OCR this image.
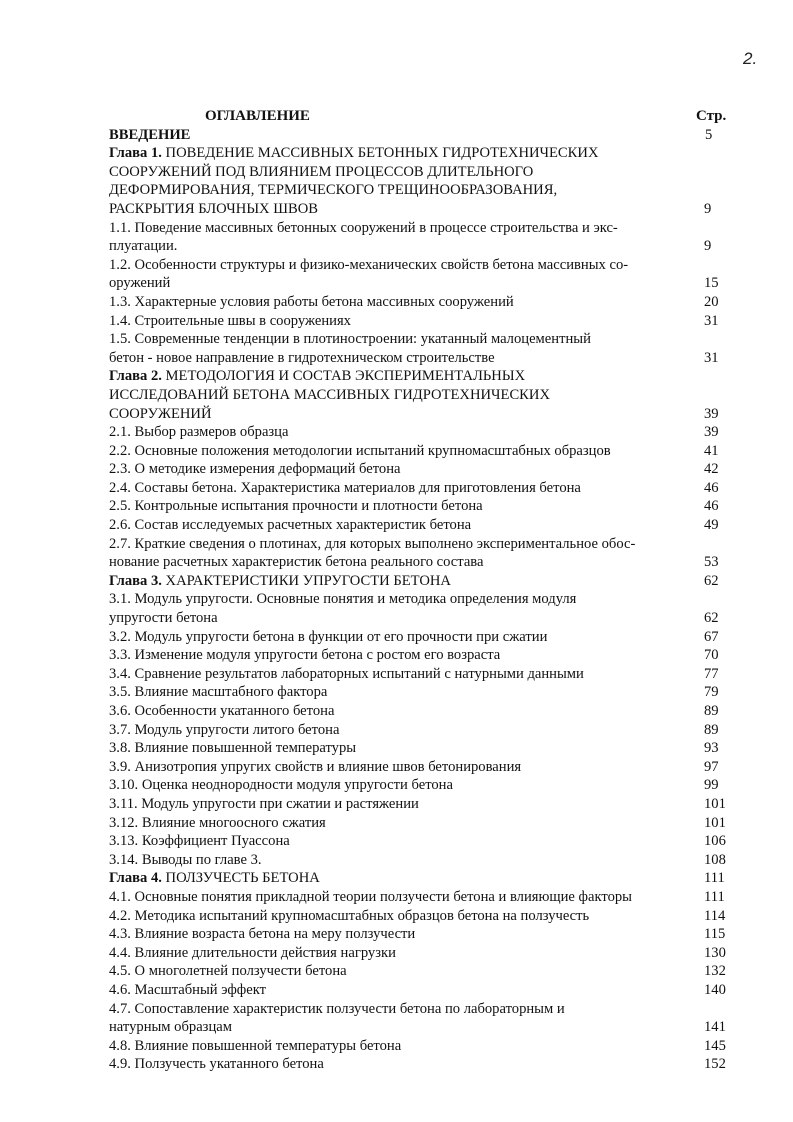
2.
ОГЛАВЛЕНИЕ	Стр.
ВВЕДЕНИЕ	5
Глава 1. ПОВЕДЕНИЕ МАССИВНЫХ БЕТОННЫХ ГИДРОТЕХНИЧЕСКИХ
СООРУЖЕНИЙ ПОД ВЛИЯНИЕМ ПРОЦЕССОВ ДЛИТЕЛЬНОГО
ДЕФОРМИРОВАНИЯ, ТЕРМИЧЕСКОГО ТРЕЩИНООБРАЗОВАНИЯ,
РАСКРЫТИЯ БЛОЧНЫХ ШВОВ	9
1.1. Поведение массивных бетонных сооружений в процессе строительства и экс-
плуатации.	9
1.2. Особенности структуры и физико-механических свойств бетона массивных со-
оружений	15
1.3. Характерные условия работы бетона массивных сооружений	20
1.4. Строительные швы в сооружениях	31
1.5. Современные тенденции в плотиностроении: укатанный малоцементный
бетон - новое направление в гидротехническом строительстве	31
Глава 2. МЕТОДОЛОГИЯ И СОСТАВ ЭКСПЕРИМЕНТАЛЬНЫХ
ИССЛЕДОВАНИЙ БЕТОНА МАССИВНЫХ ГИДРОТЕХНИЧЕСКИХ
СООРУЖЕНИЙ	39
2.1. Выбор размеров образца	39
2.2. Основные положения методологии испытаний крупномасштабных образцов	41
2.3. О методике измерения деформаций бетона	42
2.4. Составы бетона. Характеристика материалов для приготовления бетона	46
2.5. Контрольные испытания прочности и плотности бетона	46
2.6. Состав исследуемых расчетных характеристик бетона	49
2.7. Краткие сведения о плотинах, для которых выполнено экспериментальное обос-
нование расчетных характеристик бетона реального состава	53
Глава 3. ХАРАКТЕРИСТИКИ УПРУГОСТИ БЕТОНА	62
3.1. Модуль упругости. Основные понятия и методика определения модуля
упругости бетона	62
3.2. Модуль упругости бетона в функции от его прочности при сжатии	67
3.3. Изменение модуля упругости бетона с ростом его возраста	70
3.4. Сравнение результатов лабораторных испытаний с натурными данными	77
3.5. Влияние масштабного фактора	79
3.6. Особенности укатанного бетона	89
3.7. Модуль упругости литого бетона	89
3.8. Влияние повышенной температуры	93
3.9. Анизотропия упругих свойств и влияние швов бетонирования	97
3.10. Оценка неоднородности модуля упругости бетона	99
3.11. Модуль упругости при сжатии и растяжении	101
3.12. Влияние многоосного сжатия	101
3.13. Коэффициент Пуассона	106
3.14. Выводы по главе 3.	108
Глава 4. ПОЛЗУЧЕСТЬ БЕТОНА	111
4.1. Основные понятия прикладной теории ползучести бетона и влияющие факторы	111
4.2. Методика испытаний крупномасштабных образцов бетона на ползучесть	114
4.3. Влияние возраста бетона на меру ползучести	115
4.4. Влияние длительности действия нагрузки	130
4.5. О многолетней ползучести бетона	132
4.6. Масштабный эффект	140
4.7. Сопоставление характеристик ползучести бетона по лабораторным и
натурным образцам	141
4.8. Влияние повышенной температуры бетона	145
4.9. Ползучесть укатанного бетона	152
